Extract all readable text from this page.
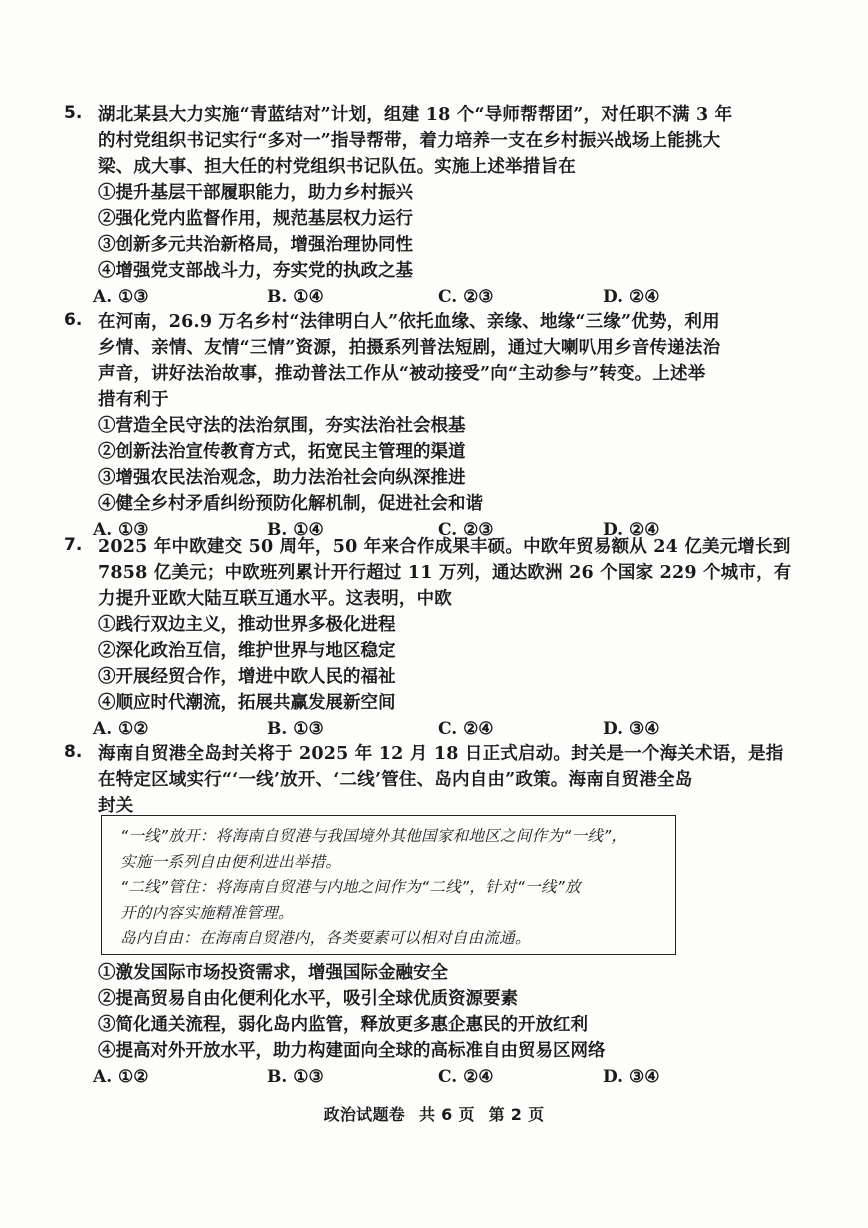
5. 湖北某县大力实施“青蓝结对”计划，组建 18 个“导师帮帮团”，对任职不满 3 年
的村党组织书记实行“多对一”指导帮带，着力培养一支在乡村振兴战场上能挑大
梁、成大事、担大任的村党组织书记队伍。实施上述举措旨在
①提升基层干部履职能力，助力乡村振兴
②强化党内监督作用，规范基层权力运行
③创新多元共治新格局，增强治理协同性
④增强党支部战斗力，夯实党的执政之基
A. ①③	B. ①④	C. ②③	D. ②④
6. 在河南，26.9 万名乡村“法律明白人”依托血缘、亲缘、地缘“三缘”优势，利用
乡情、亲情、友情“三情”资源，拍摄系列普法短剧，通过大喇叭用乡音传递法治
声音，讲好法治故事，推动普法工作从“被动接受”向“主动参与”转变。上述举
措有利于
①营造全民守法的法治氛围，夯实法治社会根基
②创新法治宣传教育方式，拓宽民主管理的渠道
③增强农民法治观念，助力法治社会向纵深推进
④健全乡村矛盾纠纷预防化解机制，促进社会和谐
A. ①③	B. ①④	C. ②③	D. ②④
7. 2025 年中欧建交 50 周年，50 年来合作成果丰硕。中欧年贸易额从 24 亿美元增长到
7858 亿美元；中欧班列累计开行超过 11 万列，通达欧洲 26 个国家 229 个城市，有
力提升亚欧大陆互联互通水平。这表明，中欧
①践行双边主义，推动世界多极化进程
②深化政治互信，维护世界与地区稳定
③开展经贸合作，增进中欧人民的福祉
④顺应时代潮流，拓展共赢发展新空间
A. ①②	B. ①③	C. ②④	D. ③④
8. 海南自贸港全岛封关将于 2025 年 12 月 18 日正式启动。封关是一个海关术语，是指
在特定区域实行“‘一线’放开、‘二线’管住、岛内自由”政策。海南自贸港全岛
封关
“一线”放开：将海南自贸港与我国境外其他国家和地区之间作为“一线”，
实施一系列自由便利进出举措。
“二线”管住：将海南自贸港与内地之间作为“二线”，针对“一线”放
开的内容实施精准管理。
岛内自由：在海南自贸港内，各类要素可以相对自由流通。
①激发国际市场投资需求，增强国际金融安全
②提高贸易自由化便利化水平，吸引全球优质资源要素
③简化通关流程，弱化岛内监管，释放更多惠企惠民的开放红利
④提高对外开放水平，助力构建面向全球的高标准自由贸易区网络
A. ①②	B. ①③	C. ②④	D. ③④
政治试题卷 共 6 页 第 2 页
